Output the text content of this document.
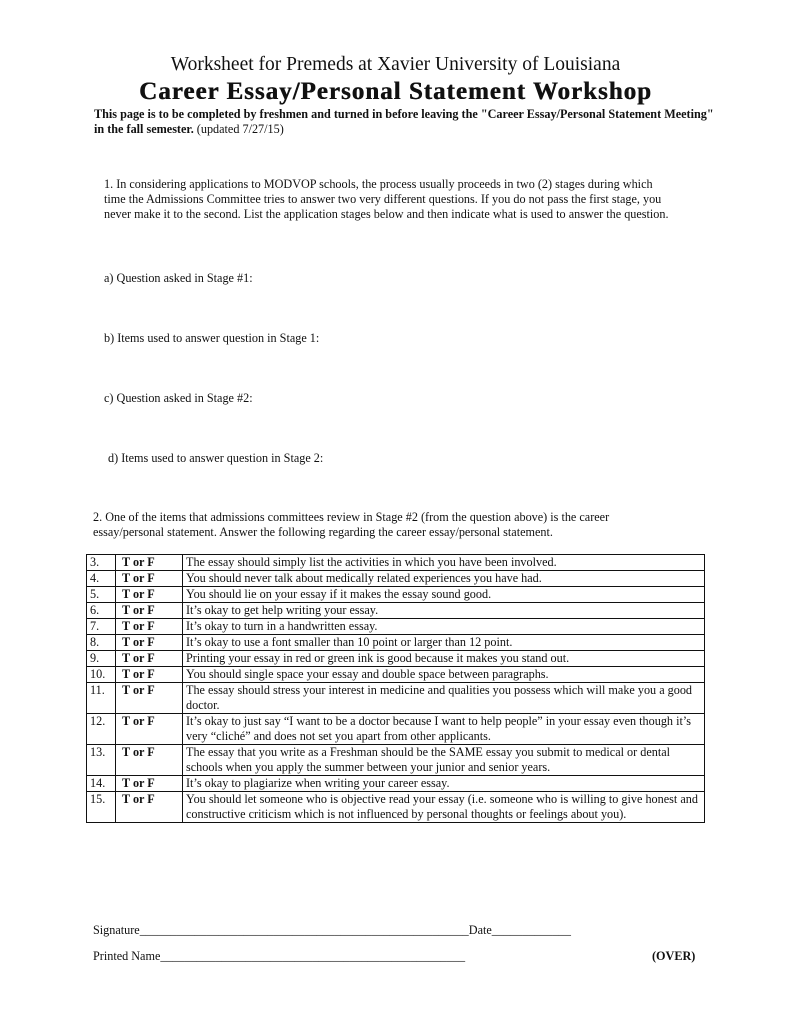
Worksheet for Premeds at Xavier University of Louisiana
Career Essay/Personal Statement Workshop
This page is to be completed by freshmen and turned in before leaving the "Career Essay/Personal Statement Meeting" in the fall semester. (updated 7/27/15)
1. In considering applications to MODVOP schools, the process usually proceeds in two (2) stages during which time the Admissions Committee tries to answer two very different questions. If you do not pass the first stage, you never make it to the second. List the application stages below and then indicate what is used to answer the question.
a) Question asked in Stage #1:
b) Items used to answer question in Stage 1:
c) Question asked in Stage #2:
d) Items used to answer question in Stage 2:
2. One of the items that admissions committees review in Stage #2 (from the question above) is the career essay/personal statement. Answer the following regarding the career essay/personal statement.
3.	T or F	The essay should simply list the activities in which you have been involved.
4.	T or F	You should never talk about medically related experiences you have had.
5.	T or F	You should lie on your essay if it makes the essay sound good.
6.	T or F	It’s okay to get help writing your essay.
7.	T or F	It’s okay to turn in a handwritten essay.
8.	T or F	It’s okay to use a font smaller than 10 point or larger than 12 point.
9.	T or F	Printing your essay in red or green ink is good because it makes you stand out.
10.	T or F	You should single space your essay and double space between paragraphs.
11.	T or F	The essay should stress your interest in medicine and qualities you possess which will make you a good doctor.
12.	T or F	It’s okay to just say “I want to be a doctor because I want to help people” in your essay even though it’s very “cliché” and does not set you apart from other applicants.
13.	T or F	The essay that you write as a Freshman should be the SAME essay you submit to medical or dental schools when you apply the summer between your junior and senior years.
14.	T or F	It’s okay to plagiarize when writing your career essay.
15.	T or F	You should let someone who is objective read your essay (i.e. someone who is willing to give honest and constructive criticism which is not influenced by personal thoughts or feelings about you).
Signature______________________________________________________Date_____________
Printed Name__________________________________________________	(OVER)
